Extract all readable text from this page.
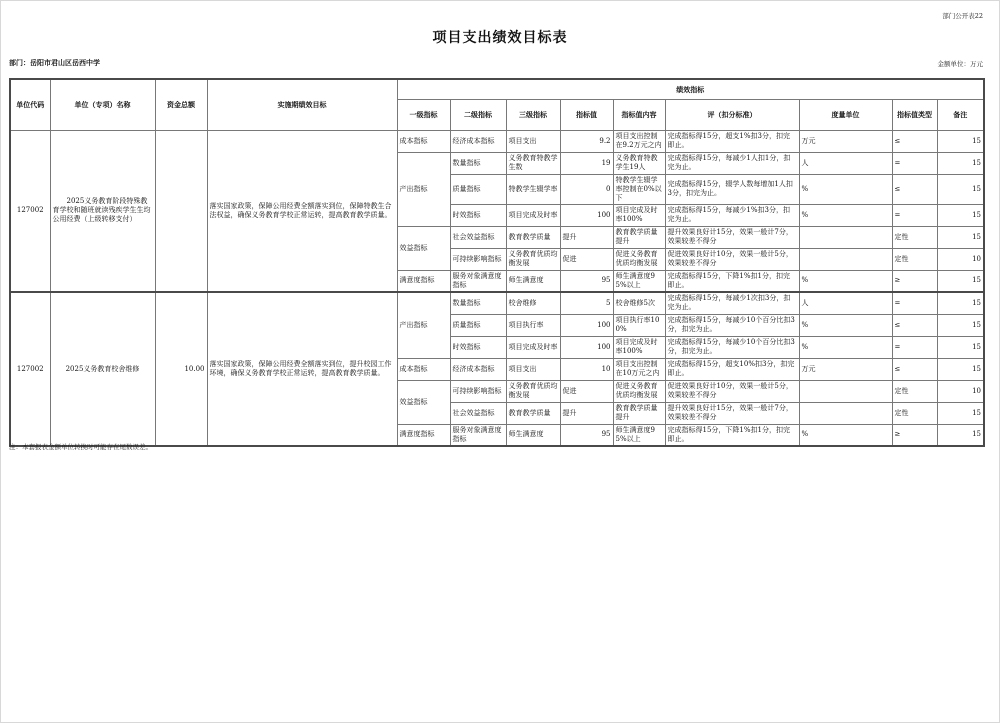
部门公开表22
项目支出绩效目标表
部门：岳阳市君山区岳西中学	金额单位：万元
单位代码	单位（专项）名称	资金总额	实施期绩效目标	绩效指标								
				一级指标	二级指标	三级指标	指标值	指标值内容	评（扣分标准）	度量单位	指标值类型	备注
127002	2025义务教育阶段特殊教育学校和随班就读残疾学生生均公用经费（上级转移支付）		落实国家政策，保障公用经费全额落实到位，保障特教生合法权益，确保义务教育学校正常运转，提高教育教学质量。	成本指标	经济成本指标	项目支出	9.2	项目支出控制在9.2万元之内	完成指标得15分，超支1%扣3分，扣完即止。	万元	≤	15
				产出指标	数量指标	义务教育特教学生数	19	义务教育特教学生19人	完成指标得15分，每减少1人扣1分，扣完为止。	人	=	15
					质量指标	特教学生辍学率	0	特教学生辍学率控制在0%以下	完成指标得15分，辍学人数每增加1人扣3分，扣完为止。	%	≤	15
					时效指标	项目完成及时率	100	项目完成及时率100%	完成指标得15分，每减少1%扣3分，扣完为止。	%	=	15
				效益指标	社会效益指标	教育教学质量	提升	教育教学质量提升	提升效果良好计15分，效果一般计7分，效果较差不得分		定性	15
					可持续影响指标	义务教育优质均衡发展	促进	促进义务教育优质均衡发展	促进效果良好计10分，效果一般计5分，效果较差不得分		定性	10
				满意度指标	服务对象满意度指标	师生满意度	95	师生满意度95%以上	完成指标得15分，下降1%扣1分，扣完即止。	%	≥	15
127002	2025义务教育校舍维修	10.00	落实国家政策，保障公用经费全额落实到位，提升校园工作环境，确保义务教育学校正常运转，提高教育教学质量。	产出指标	数量指标	校舍维修	5	校舍维修5次	完成指标得15分，每减少1次扣3分，扣完为止。	人	=	15
					质量指标	项目执行率	100	项目执行率100%	完成指标得15分，每减少10个百分比扣3分，扣完为止。	%	≤	15
					时效指标	项目完成及时率	100	项目完成及时率100%	完成指标得15分，每减少10个百分比扣3分，扣完为止。	%	=	15
				成本指标	经济成本指标	项目支出	10	项目支出控制在10万元之内	完成指标得15分，超支10%扣3分，扣完即止。	万元	≤	15
				效益指标	可持续影响指标	义务教育优质均衡发展	促进	促进义务教育优质均衡发展	促进效果良好计10分，效果一般计5分，效果较差不得分		定性	10
					社会效益指标	教育教学质量	提升	教育教学质量提升	提升效果良好计15分，效果一般计7分，效果较差不得分		定性	15
				满意度指标	服务对象满意度指标	师生满意度	95	师生满意度95%以上	完成指标得15分，下降1%扣1分，扣完即止。	%	≥	15
注：本套报表金额单位转换时可能存在尾数误差。
